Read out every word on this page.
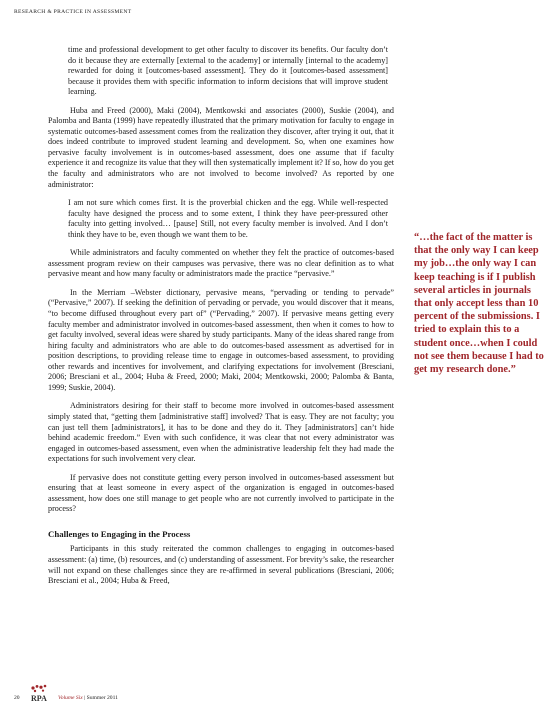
RESEARCH & PRACTICE IN ASSESSMENT

time and professional development to get other faculty to discover its benefits. Our faculty don’t do it because they are externally [external to the academy] or internally [internal to the academy] rewarded for doing it [outcomes-based assessment]. They do it [outcomes-based assessment] because it provides them with specific information to inform decisions that will improve student learning.

Huba and Freed (2000), Maki (2004), Mentkowski and associates (2000), Suskie (2004), and Palomba and Banta (1999) have repeatedly illustrated that the primary motivation for faculty to engage in systematic outcomes-based assessment comes from the realization they discover, after trying it out, that it does indeed contribute to improved student learning and development. So, when one examines how pervasive faculty involvement is in outcomes-based assessment, does one assume that if faculty experience it and recognize its value that they will then systematically implement it? If so, how do you get the faculty and administrators who are not involved to become involved? As reported by one administrator:

I am not sure which comes first. It is the proverbial chicken and the egg. While well-respected faculty have designed the process and to some extent, I think they have peer-pressured other faculty into getting involved… [pause] Still, not every faculty member is involved. And I don’t think they have to be, even though we want them to be.

While administrators and faculty commented on whether they felt the practice of outcomes-based assessment program review on their campuses was pervasive, there was no clear definition as to what pervasive meant and how many faculty or administrators made the practice “pervasive.”

In the Merriam –Webster dictionary, pervasive means, “pervading or tending to pervade” (“Pervasive,” 2007). If seeking the definition of pervading or pervade, you would discover that it means, “to become diffused throughout every part of” (“Pervading,” 2007). If pervasive means getting every faculty member and administrator involved in outcomes-based assessment, then when it comes to how to get faculty involved, several ideas were shared by study participants. Many of the ideas shared range from hiring faculty and administrators who are able to do outcomes-based assessment as advertised for in position descriptions, to providing release time to engage in outcomes-based assessment, to providing other rewards and incentives for involvement, and clarifying expectations for involvement (Bresciani, 2006; Bresciani et al., 2004; Huba & Freed, 2000; Maki, 2004; Mentkowski, 2000; Palomba & Banta, 1999; Suskie, 2004).

Administrators desiring for their staff to become more involved in outcomes-based assessment simply stated that, “getting them [administrative staff] involved? That is easy. They are not faculty; you can just tell them [administrators], it has to be done and they do it. They [administrators] can’t hide behind academic freedom.” Even with such confidence, it was clear that not every administrator was engaged in outcomes-based assessment, even when the administrative leadership felt they had made the expectations for such involvement very clear.

If pervasive does not constitute getting every person involved in outcomes-based assessment but ensuring that at least someone in every aspect of the organization is engaged in outcomes-based assessment, how does one still manage to get people who are not currently involved to participate in the process?

Challenges to Engaging in the Process

Participants in this study reiterated the common challenges to engaging in outcomes-based assessment: (a) time, (b) resources, and (c) understanding of assessment. For brevity’s sake, the researcher will not expand on these challenges since they are re-affirmed in several publications (Bresciani, 2006; Bresciani et al., 2004; Huba & Freed,

“…the fact of the matter is that the only way I can keep my job…the only way I can keep teaching is if I publish several articles in journals that only accept less than 10 percent of the submissions. I tried to explain this to a student once…when I could not see them because I had to get my research done.”
20 RPA Volume Six | Summer 2011
